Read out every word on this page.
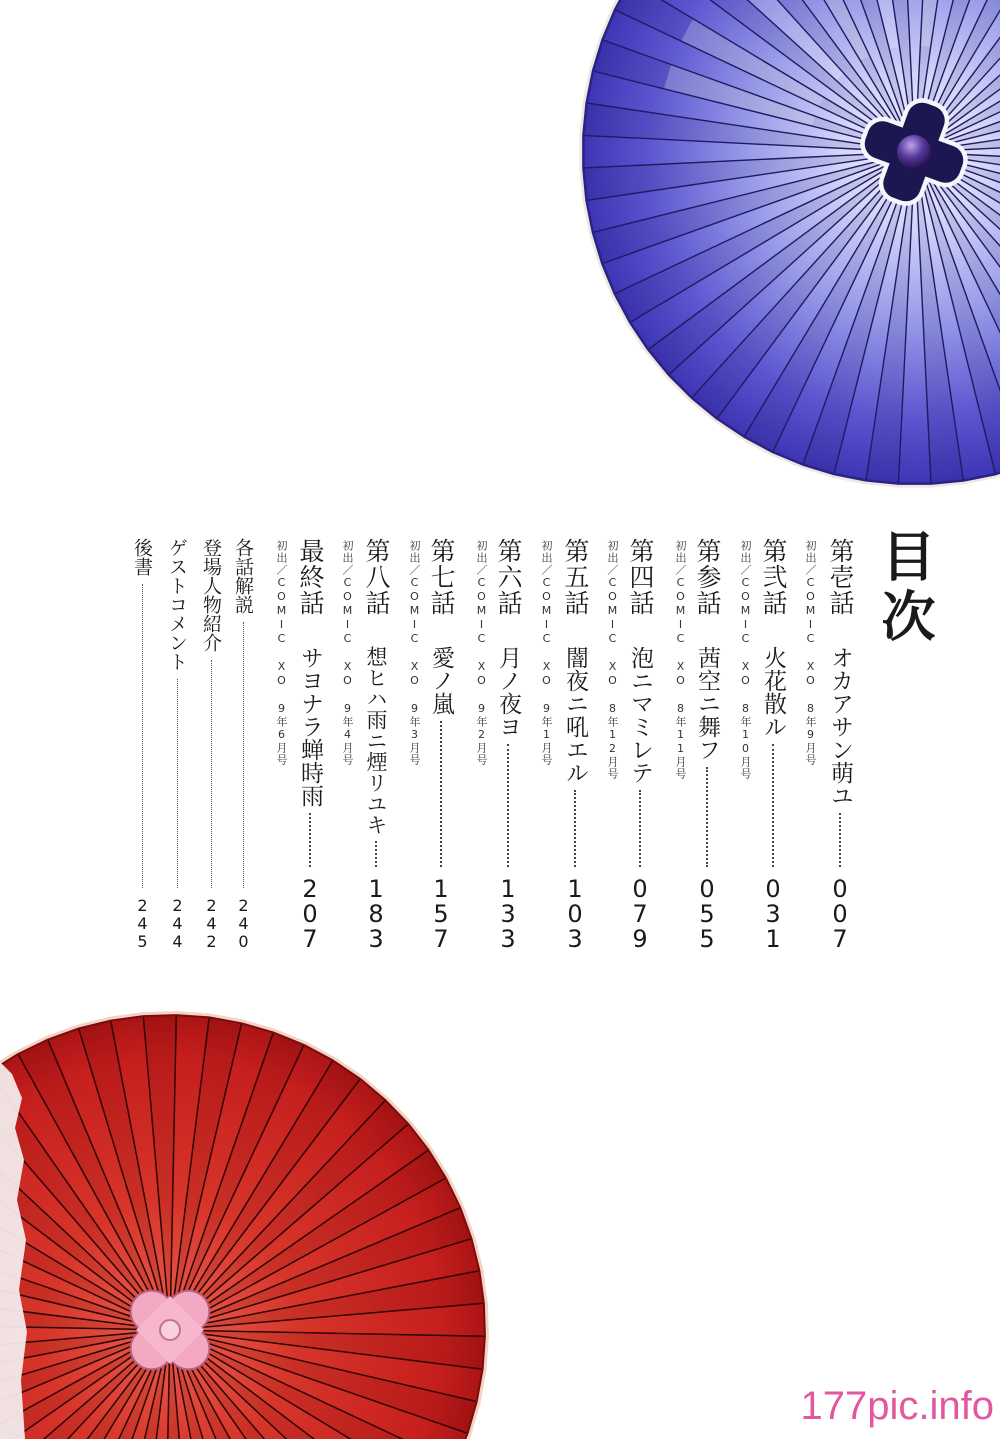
目次
第壱話
オカアサン萌ユ
007
初出／COMIC XO 8年9月号
第弐話
火花散ル
031
初出／COMIC XO 8年10月号
第参話
茜空ニ舞フ
055
初出／COMIC XO 8年11月号
第四話
泡ニマミレテ
079
初出／COMIC XO 8年12月号
第五話
闇夜ニ吼エル
103
初出／COMIC XO 9年1月号
第六話
月ノ夜ヨ
133
初出／COMIC XO 9年2月号
第七話
愛ノ嵐
157
初出／COMIC XO 9年3月号
第八話
想ヒハ雨ニ煙リユキ
183
初出／COMIC XO 9年4月号
最終話
サヨナラ蝉時雨
207
初出／COMIC XO 9年6月号
各話解説
240
登場人物紹介
242
ゲストコメント
244
後書
245
177pic.info
